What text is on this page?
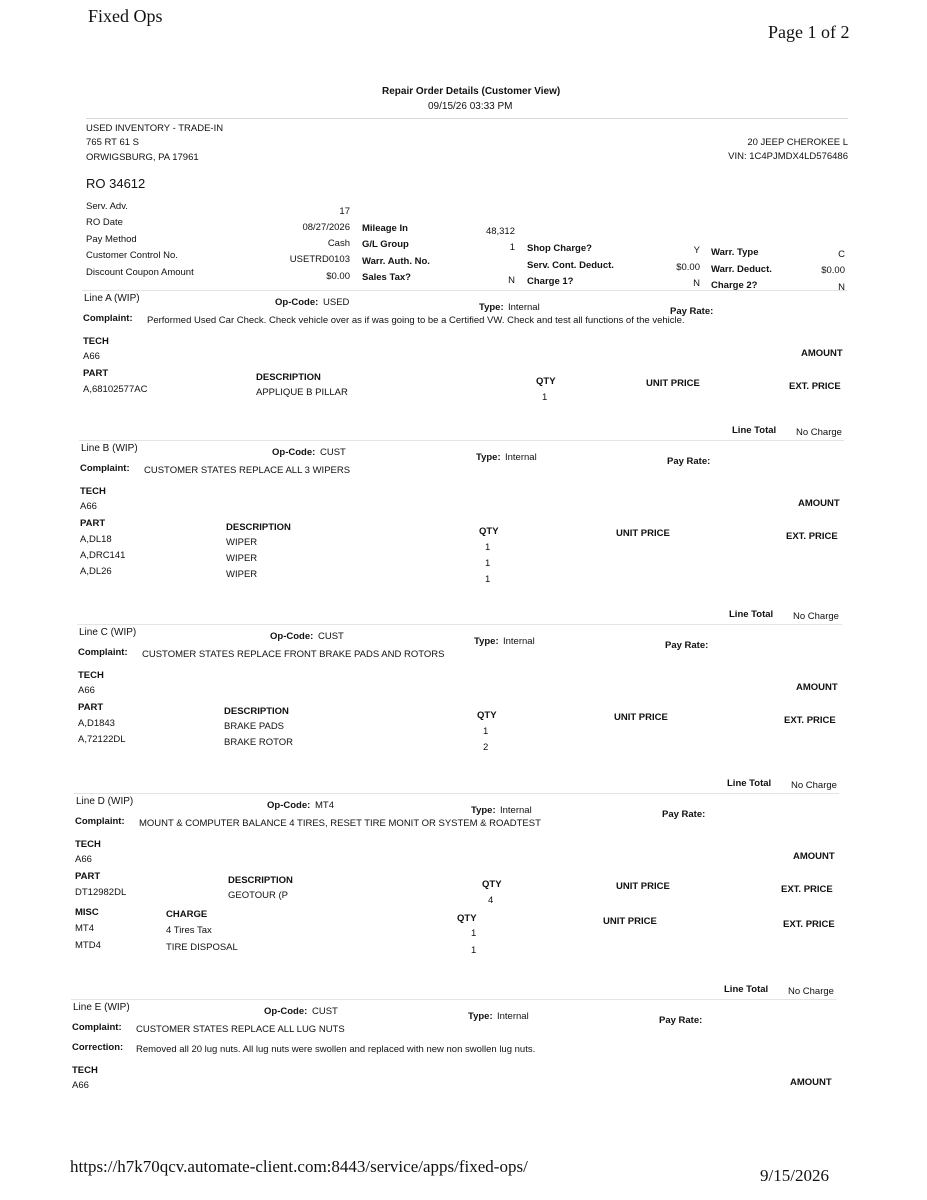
Fixed Ops
Page 1 of 2
Repair Order Details (Customer View)
09/15/26 03:33 PM
USED INVENTORY - TRADE-IN
765 RT 61 S
ORWIGSBURG, PA 17961
20 JEEP CHEROKEE L
VIN: 1C4PJMDX4LD576486
RO 34612
Serv. Adv.	17
RO Date	08/27/2026
Pay Method	Cash
Customer Control No.	USETRD0103
Discount Coupon Amount	$0.00
Mileage In	48,312
G/L Group	1
Warr. Auth. No.
Sales Tax?	N
Shop Charge?	Y
Serv. Cont. Deduct.	$0.00
Charge 1?	N
Warr. Type	C
Warr. Deduct.	$0.00
Charge 2?	N
Line A (WIP)	Op-Code: USED	Type: Internal	Pay Rate:
Complaint: Performed Used Car Check. Check vehicle over as if was going to be a Certified VW. Check and test all functions of the vehicle.
TECH
A66	AMOUNT
PART	DESCRIPTION	QTY	UNIT PRICE	EXT. PRICE
A,68102577AC	APPLIQUE B PILLAR	1
Line Total No Charge
Line B (WIP)	Op-Code: CUST	Type: Internal	Pay Rate:
Complaint: CUSTOMER STATES REPLACE ALL 3 WIPERS
TECH
A66	AMOUNT
PART	DESCRIPTION	QTY	UNIT PRICE	EXT. PRICE
A,DL18	WIPER	1
A,DRC141	WIPER	1
A,DL26	WIPER	1
Line Total No Charge
Line C (WIP)	Op-Code: CUST	Type: Internal	Pay Rate:
Complaint: CUSTOMER STATES REPLACE FRONT BRAKE PADS AND ROTORS
TECH
A66	AMOUNT
PART	DESCRIPTION	QTY	UNIT PRICE	EXT. PRICE
A,D1843	BRAKE PADS	1
A,72122DL	BRAKE ROTOR	2
Line Total No Charge
Line D (WIP)	Op-Code: MT4	Type: Internal	Pay Rate:
Complaint: MOUNT & COMPUTER BALANCE 4 TIRES, RESET TIRE MONIT OR SYSTEM & ROADTEST
TECH
A66	AMOUNT
PART	DESCRIPTION	QTY	UNIT PRICE	EXT. PRICE
DT12982DL	GEOTOUR (P	4
MISC	CHARGE	QTY	UNIT PRICE	EXT. PRICE
MT4	4 Tires Tax	1
MTD4	TIRE DISPOSAL	1
Line Total No Charge
Line E (WIP)	Op-Code: CUST	Type: Internal	Pay Rate:
Complaint: CUSTOMER STATES REPLACE ALL LUG NUTS
Correction: Removed all 20 lug nuts. All lug nuts were swollen and replaced with new non swollen lug nuts.
TECH
A66	AMOUNT
https://h7k70qcv.automate-client.com:8443/service/apps/fixed-ops/	9/15/2026
